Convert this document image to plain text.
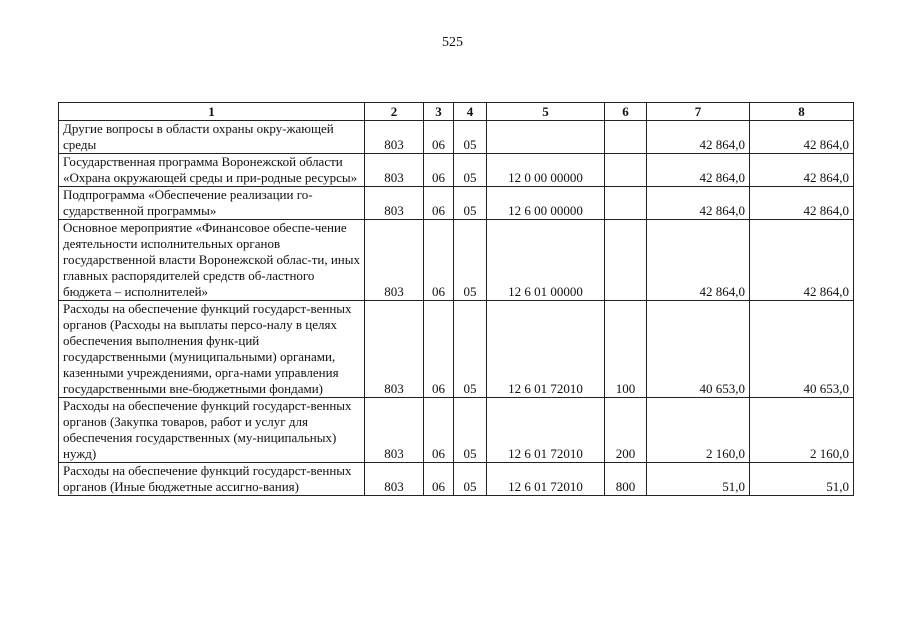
525
1	2	3	4	5	6	7	8
Другие вопросы в области охраны окру-жающей среды	803	06	05			42 864,0	42 864,0
Государственная программа Воронежской области «Охрана окружающей среды и при-родные ресурсы»	803	06	05	12 0 00 00000		42 864,0	42 864,0
Подпрограмма «Обеспечение реализации го-сударственной программы»	803	06	05	12 6 00 00000		42 864,0	42 864,0
Основное мероприятие «Финансовое обеспе-чение деятельности исполнительных органов государственной власти Воронежской облас-ти, иных главных распорядителей средств об-ластного бюджета – исполнителей»	803	06	05	12 6 01 00000		42 864,0	42 864,0
Расходы на обеспечение функций государст-венных органов (Расходы на выплаты персо-налу в целях обеспечения выполнения функ-ций государственными (муниципальными) органами, казенными учреждениями, орга-нами управления государственными вне-бюджетными фондами)	803	06	05	12 6 01 72010	100	40 653,0	40 653,0
Расходы на обеспечение функций государст-венных органов (Закупка товаров, работ и услуг для обеспечения государственных (му-ниципальных) нужд)	803	06	05	12 6 01 72010	200	2 160,0	2 160,0
Расходы на обеспечение функций государст-венных органов (Иные бюджетные ассигно-вания)	803	06	05	12 6 01 72010	800	51,0	51,0
